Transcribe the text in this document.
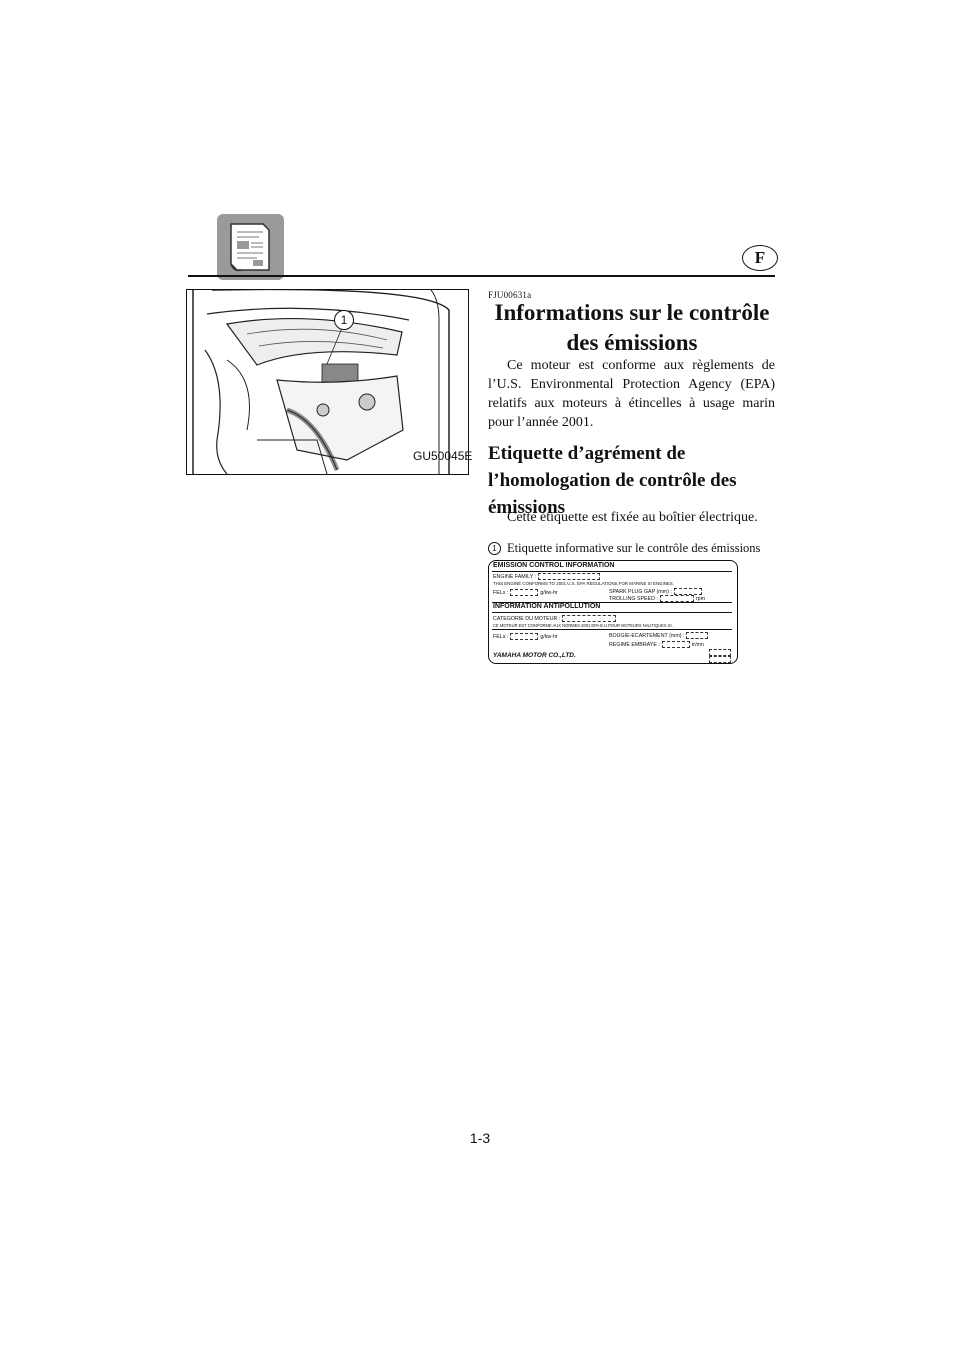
F
1
GU50045E
FJU00631a
Informations sur le contrôle
des émissions
Ce moteur est conforme aux règlements de l’U.S. Environmental Protection Agency (EPA) relatifs aux moteurs à étincelles à usage marin pour l’année 2001.
Etiquette d’agrément de
l’homologation de contrôle des
émissions
Cette étiquette est fixée au boîtier électrique.
1 Etiquette informative sur le contrôle des émissions
EMISSION CONTROL INFORMATION
ENGINE FAMILY :
THIS ENGINE CONFORMS TO 2001 U.S. EPA REGULATIONS FOR MARINE SI ENGINES.
FELs :	g/kw-hr	SPARK PLUG GAP (mm) :
TROLLING SPEED :	rpm
INFORMATION ANTIPOLLUTION
CATEGORIE DU MOTEUR :
CE MOTEUR EST CONFORME AUX NORMES 2001 EPA E.U POUR MOTEURS NAUTIQUES SI.
FELs :	g/kw-hr	BOUGIE-ECARTEMENT (mm) :
REGIME EMBRAYE :	tr/mn
YAMAHA MOTOR CO.,LTD.
1-3
